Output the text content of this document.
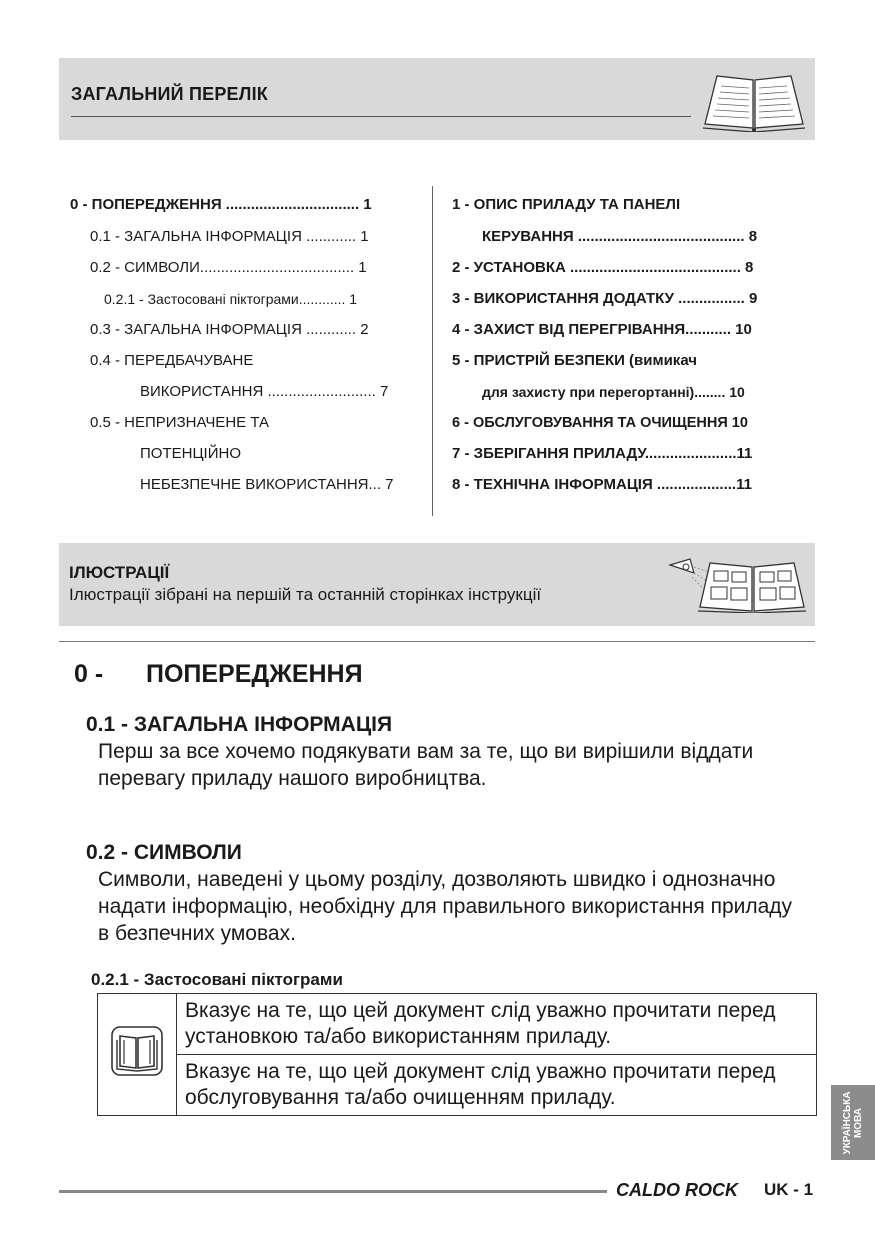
ЗАГАЛЬНИЙ ПЕРЕЛІК
0 - ПОПЕРЕДЖЕННЯ ................................ 1
0.1 - ЗАГАЛЬНА ІНФОРМАЦІЯ ............ 1
0.2 - СИМВОЛИ..................................... 1
0.2.1 - Застосовані піктограми............ 1
0.3 - ЗАГАЛЬНА ІНФОРМАЦІЯ ............ 2
0.4 - ПЕРЕДБАЧУВАНЕ
ВИКОРИСТАННЯ .......................... 7
0.5 - НЕПРИЗНАЧЕНЕ ТА
ПОТЕНЦІЙНО
НЕБЕЗПЕЧНЕ ВИКОРИСТАННЯ... 7
1 - ОПИС ПРИЛАДУ ТА ПАНЕЛІ
КЕРУВАННЯ ........................................ 8
2 - УСТАНОВКА ......................................... 8
3 - ВИКОРИСТАННЯ ДОДАТКУ ................ 9
4 - ЗАХИСТ ВІД ПЕРЕГРІВАННЯ........... 10
5 - ПРИСТРІЙ БЕЗПЕКИ (вимикач
для захисту при перегортанні)........ 10
6 - ОБСЛУГОВУВАННЯ ТА ОЧИЩЕННЯ 10
7 - ЗБЕРІГАННЯ ПРИЛАДУ......................11
8 - ТЕХНІЧНА ІНФОРМАЦІЯ ...................11
ІЛЮСТРАЦІЇ
Ілюстрації зібрані на першій та останній сторінках інструкції
0 - ПОПЕРЕДЖЕННЯ
0.1 - ЗАГАЛЬНА ІНФОРМАЦІЯ
Перш за все хочемо подякувати вам за те, що ви вирішили віддати
перевагу приладу нашого виробництва.
0.2 - СИМВОЛИ
Символи, наведені у цьому розділу, дозволяють швидко і однозначно
надати інформацію, необхідну для правильного використання приладу
в безпечних умовах.
0.2.1 - Застосовані піктограми

Вказує на те, що цей документ слід уважно прочитати перед
установкою та/або використанням приладу.

Вказує на те, що цей документ слід уважно прочитати перед
обслуговування та/або очищенням приладу.	УКРАЇНСЬКА МОВА
CALDO ROCK UK - 1
